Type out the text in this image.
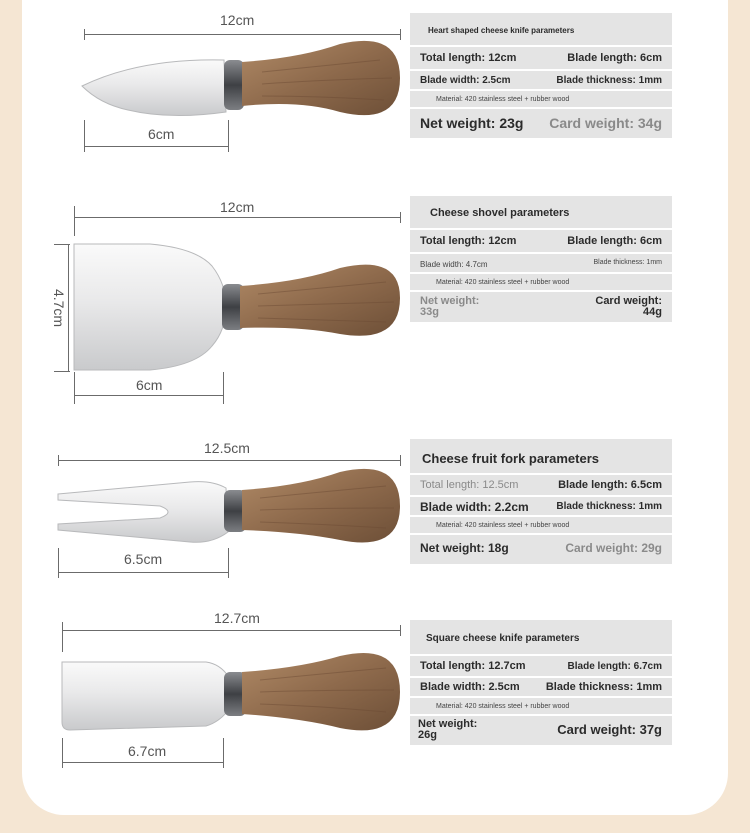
12cm
6cm
Heart shaped cheese knife parameters
Total length: 12cm	Blade length: 6cm
Blade width: 2.5cm	Blade thickness: 1mm
Material: 420 stainless steel + rubber wood
Net weight: 23g Card weight: 34g
12cm
4.7cm
6cm
Cheese shovel parameters
Total length: 12cm	Blade length: 6cm
Blade width: 4.7cm	Blade thickness: 1mm
Material: 420 stainless steel + rubber wood
Net weight:
33g
Card weight:
44g
12.5cm
6.5cm
Cheese fruit fork parameters
Total length: 12.5cm	Blade length: 6.5cm
Blade width: 2.2cm	Blade thickness: 1mm
Material: 420 stainless steel + rubber wood
Net weight: 18g	Card weight: 29g
12.7cm
6.7cm
Square cheese knife parameters
Total length: 12.7cm	Blade length: 6.7cm
Blade width: 2.5cm Blade thickness: 1mm
Material: 420 stainless steel + rubber wood
Net weight:
26g	Card weight: 37g
